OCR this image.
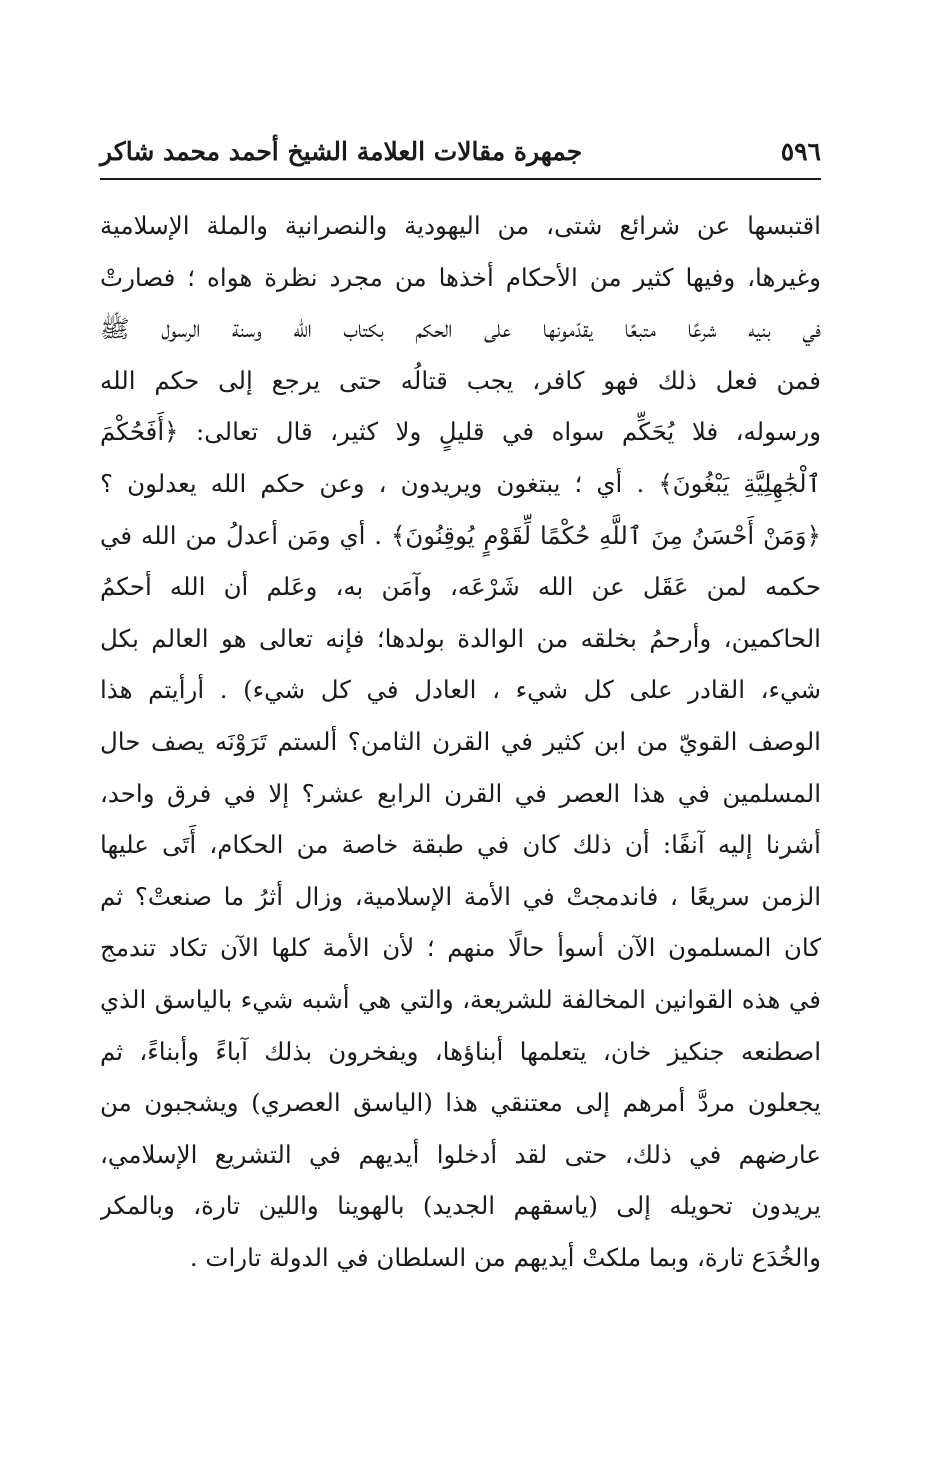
٥٩٦
جمهرة مقالات العلامة الشيخ أحمد محمد شاكر
اقتبسها عن شرائع شتى، من اليهودية والنصرانية والملة الإسلامية
وغيرها، وفيها كثير من الأحكام أخذها من مجرد نظرة هواه ؛ فصارتْ
في بنيه شرعًا متبعًا يقدّمونها على الحكم بكتاب الله وسنة الرسول ﷺ
فمن فعل ذلك فهو كافر، يجب قتالُه حتى يرجع إلى حكم الله
ورسوله، فلا يُحَكِّم سواه في قليلٍ ولا كثير، قال تعالى: ﴿أَفَحُكْمَ
ٱلْجَٰهِلِيَّةِ يَبْغُونَ﴾ . أي ؛ يبتغون ويريدون ، وعن حكم الله يعدلون ؟
﴿وَمَنْ أَحْسَنُ مِنَ ٱللَّهِ حُكْمًا لِّقَوْمٍ يُوقِنُونَ﴾ . أي ومَن أعدلُ من الله في
حكمه لمن عَقَل عن الله شَرْعَه، وآمَن به، وعَلم أن الله أحكمُ
الحاكمين، وأرحمُ بخلقه من الوالدة بولدها؛ فإنه تعالى هو العالم بكل
شيء، القادر على كل شيء ، العادل في كل شيء) . أرأيتم هذا
الوصف القويّ من ابن كثير في القرن الثامن؟ ألستم تَرَوْنَه يصف حال
المسلمين في هذا العصر في القرن الرابع عشر؟ إلا في فرق واحد،
أشرنا إليه آنفًا: أن ذلك كان في طبقة خاصة من الحكام، أَتَى عليها
الزمن سريعًا ، فاندمجتْ في الأمة الإسلامية، وزال أثرُ ما صنعتْ؟ ثم
كان المسلمون الآن أسوأ حالًا منهم ؛ لأن الأمة كلها الآن تكاد تندمج
في هذه القوانين المخالفة للشريعة، والتي هي أشبه شيء بالياسق الذي
اصطنعه جنكيز خان، يتعلمها أبناؤها، ويفخرون بذلك آباءً وأبناءً، ثم
يجعلون مردَّ أمرهم إلى معتنقي هذا (الياسق العصري) ويشجبون من
عارضهم في ذلك، حتى لقد أدخلوا أيديهم في التشريع الإسلامي،
يريدون تحويله إلى (ياسقهم الجديد) بالهوينا واللين تارة، وبالمكر
والخُدَع تارة، وبما ملكتْ أيديهم من السلطان في الدولة تارات .
